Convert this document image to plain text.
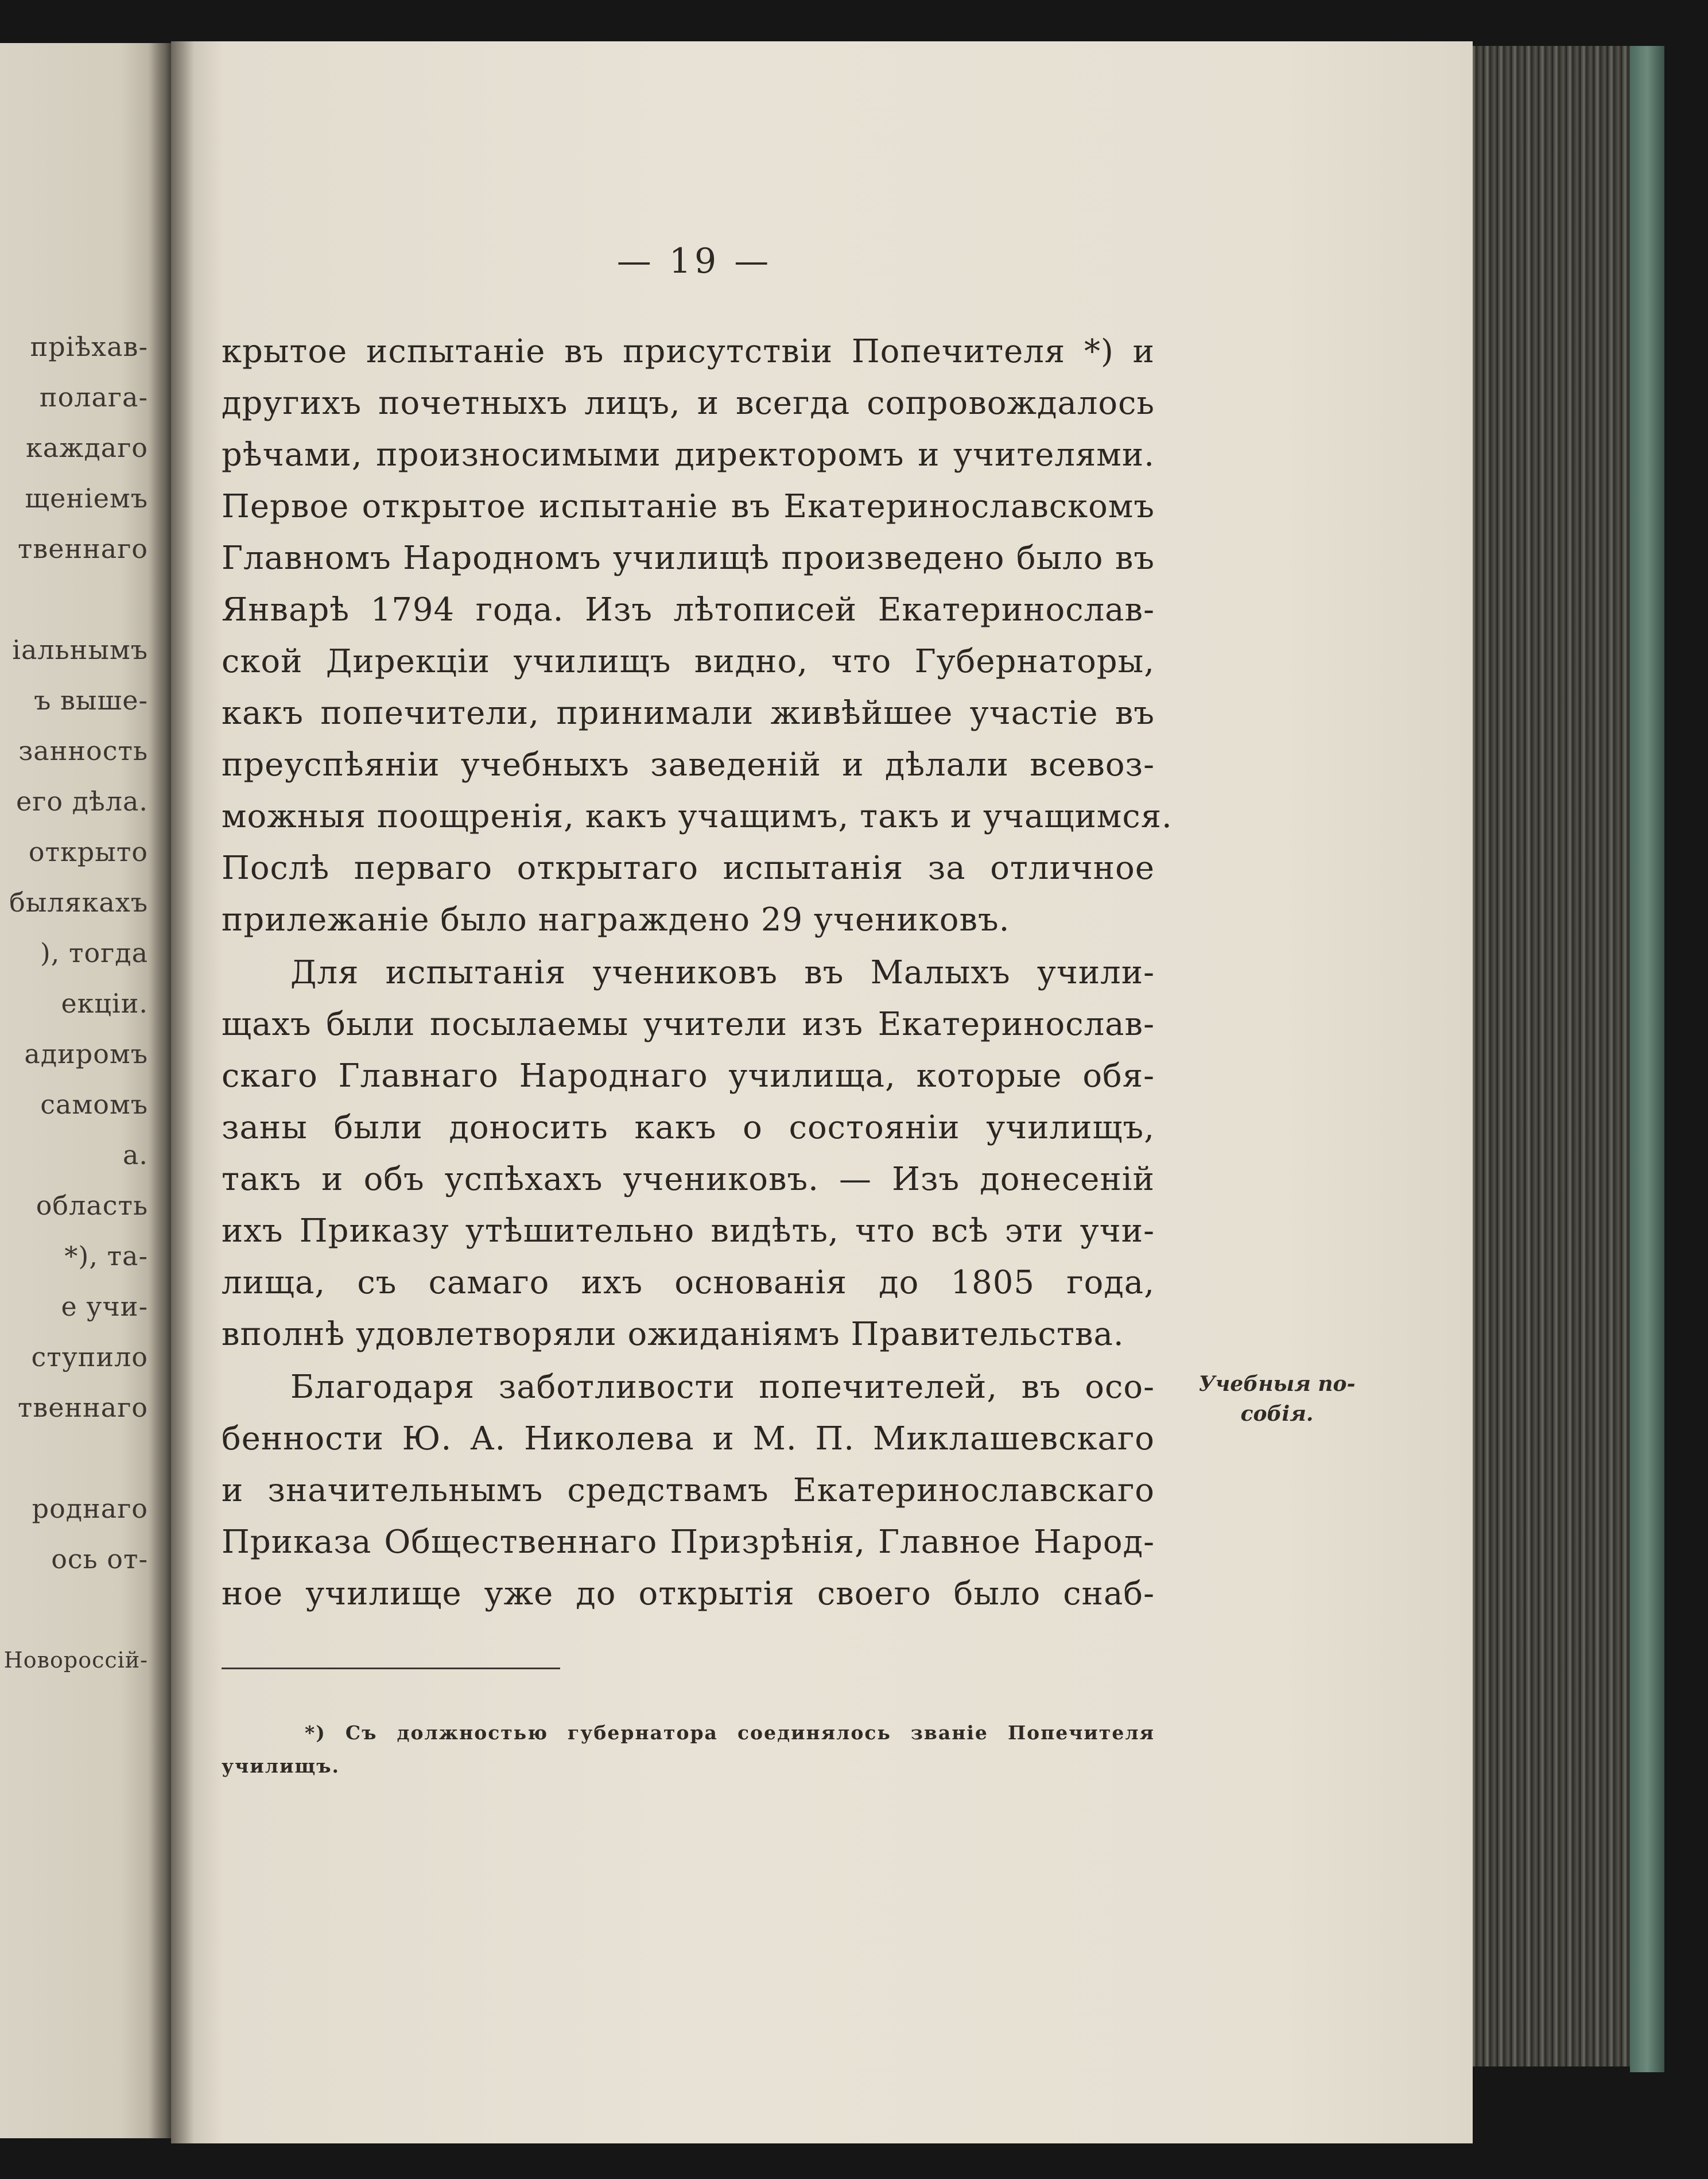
пріѣхав-
полага-
каждаго
щеніемъ
твеннаго
іальнымъ
ъ выше-
занность
его дѣла.
открыто
былякахъ
), тогда
екціи.
адиромъ
самомъ
а.
область
*), та-
е учи-
ступило
твеннаго
роднаго
ось от-
Новороссій-
— 19 —
крытое испытаніе въ присутствіи Попечителя *) и
другихъ почетныхъ лицъ, и всегда сопровождалось
рѣчами, произносимыми директоромъ и учителями.
Первое открытое испытаніе въ Екатеринославскомъ
Главномъ Народномъ училищѣ произведено было въ
Январѣ 1794 года. Изъ лѣтописей Екатеринослав-
ской Дирекціи училищъ видно, что Губернаторы,
какъ попечители, принимали живѣйшее участіе въ
преуспѣяніи учебныхъ заведеній и дѣлали всевоз-
можныя поощренія, какъ учащимъ, такъ и учащимся.
Послѣ перваго открытаго испытанія за отличное
прилежаніе было награждено 29 учениковъ.
Для испытанія учениковъ въ Малыхъ учили-
щахъ были посылаемы учители изъ Екатеринослав-
скаго Главнаго Народнаго училища, которые обя-
заны были доносить какъ о состояніи училищъ,
такъ и объ успѣхахъ учениковъ. — Изъ донесеній
ихъ Приказу утѣшительно видѣть, что всѣ эти учи-
лища, съ самаго ихъ основанія до 1805 года,
вполнѣ удовлетворяли ожиданіямъ Правительства.
Благодаря заботливости попечителей, въ осо-
бенности Ю. А. Николева и М. П. Миклашевскаго
и значительнымъ средствамъ Екатеринославскаго
Приказа Общественнаго Призрѣнія, Главное Народ-
ное училище уже до открытія своего было снаб-
Учебныя по-собія.
*) Съ должностью губернатора соединялось званіе Попечителя
училищъ.
